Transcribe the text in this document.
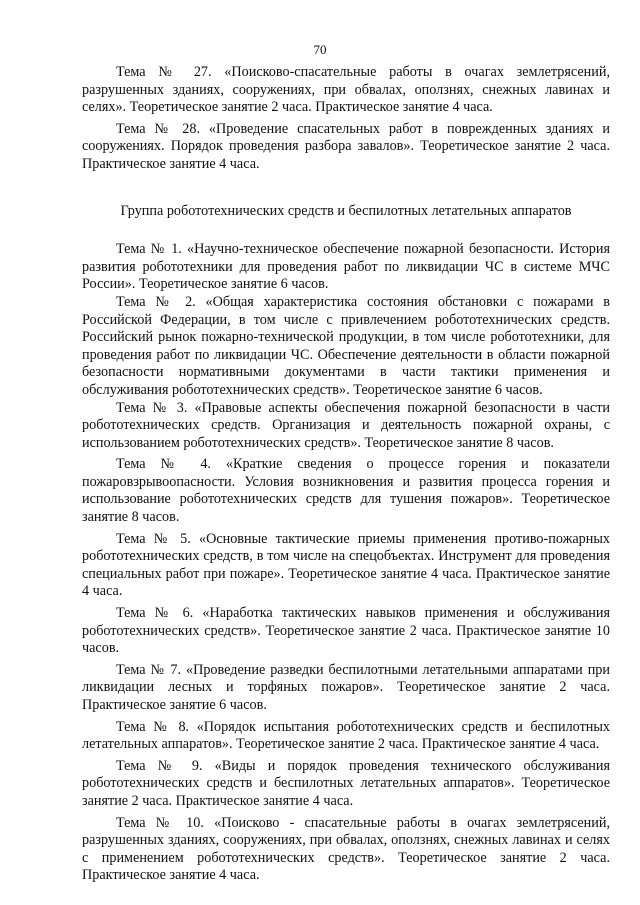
70

Тема № 27. «Поисково-спасательные работы в очагах землетрясений, разрушенных зданиях, сооружениях, при обвалах, оползнях, снежных лавинах и селях». Теоретическое занятие 2 часа. Практическое занятие 4 часа.

Тема № 28. «Проведение спасательных работ в поврежденных зданиях и сооружениях. Порядок проведения разбора завалов». Теоретическое занятие 2 часа. Практическое занятие 4 часа.

Группа робототехнических средств и беспилотных летательных аппаратов

Тема № 1. «Научно-техническое обеспечение пожарной безопасности. История развития робототехники для проведения работ по ликвидации ЧС в системе МЧС России». Теоретическое занятие 6 часов.

Тема № 2. «Общая характеристика состояния обстановки с пожарами в Российской Федерации, в том числе с привлечением робототехнических средств. Российский рынок пожарно-технической продукции, в том числе робототехники, для проведения работ по ликвидации ЧС. Обеспечение деятельности в области пожарной безопасности нормативными документами в части тактики применения и обслуживания робототехнических средств». Теоретическое занятие 6 часов.

Тема № 3. «Правовые аспекты обеспечения пожарной безопасности в части робототехнических средств. Организация и деятельность пожарной охраны, с использованием робототехнических средств». Теоретическое занятие 8 часов.

Тема № 4. «Краткие сведения о процессе горения и показатели пожаровзрывоопасности. Условия возникновения и развития процесса горения и использование робототехнических средств для тушения пожаров». Теоретическое занятие 8 часов.

Тема № 5. «Основные тактические приемы применения противо-пожарных робототехнических средств, в том числе на спецобъектах. Инструмент для проведения специальных работ при пожаре». Теоретическое занятие 4 часа. Практическое занятие 4 часа.

Тема № 6. «Наработка тактических навыков применения и обслуживания робототехнических средств». Теоретическое занятие 2 часа. Практическое занятие 10 часов.

Тема № 7. «Проведение разведки беспилотными летательными аппаратами при ликвидации лесных и торфяных пожаров». Теоретическое занятие 2 часа. Практическое занятие 6 часов.

Тема № 8. «Порядок испытания робототехнических средств и беспилотных летательных аппаратов». Теоретическое занятие 2 часа. Практическое занятие 4 часа.

Тема № 9. «Виды и порядок проведения технического обслуживания робототехнических средств и беспилотных летательных аппаратов». Теоретическое занятие 2 часа. Практическое занятие 4 часа.

Тема № 10. «Поисково - спасательные работы в очагах землетрясений, разрушенных зданиях, сооружениях, при обвалах, оползнях, снежных лавинах и селях с применением робототехнических средств». Теоретическое занятие 2 часа. Практическое занятие 4 часа.
